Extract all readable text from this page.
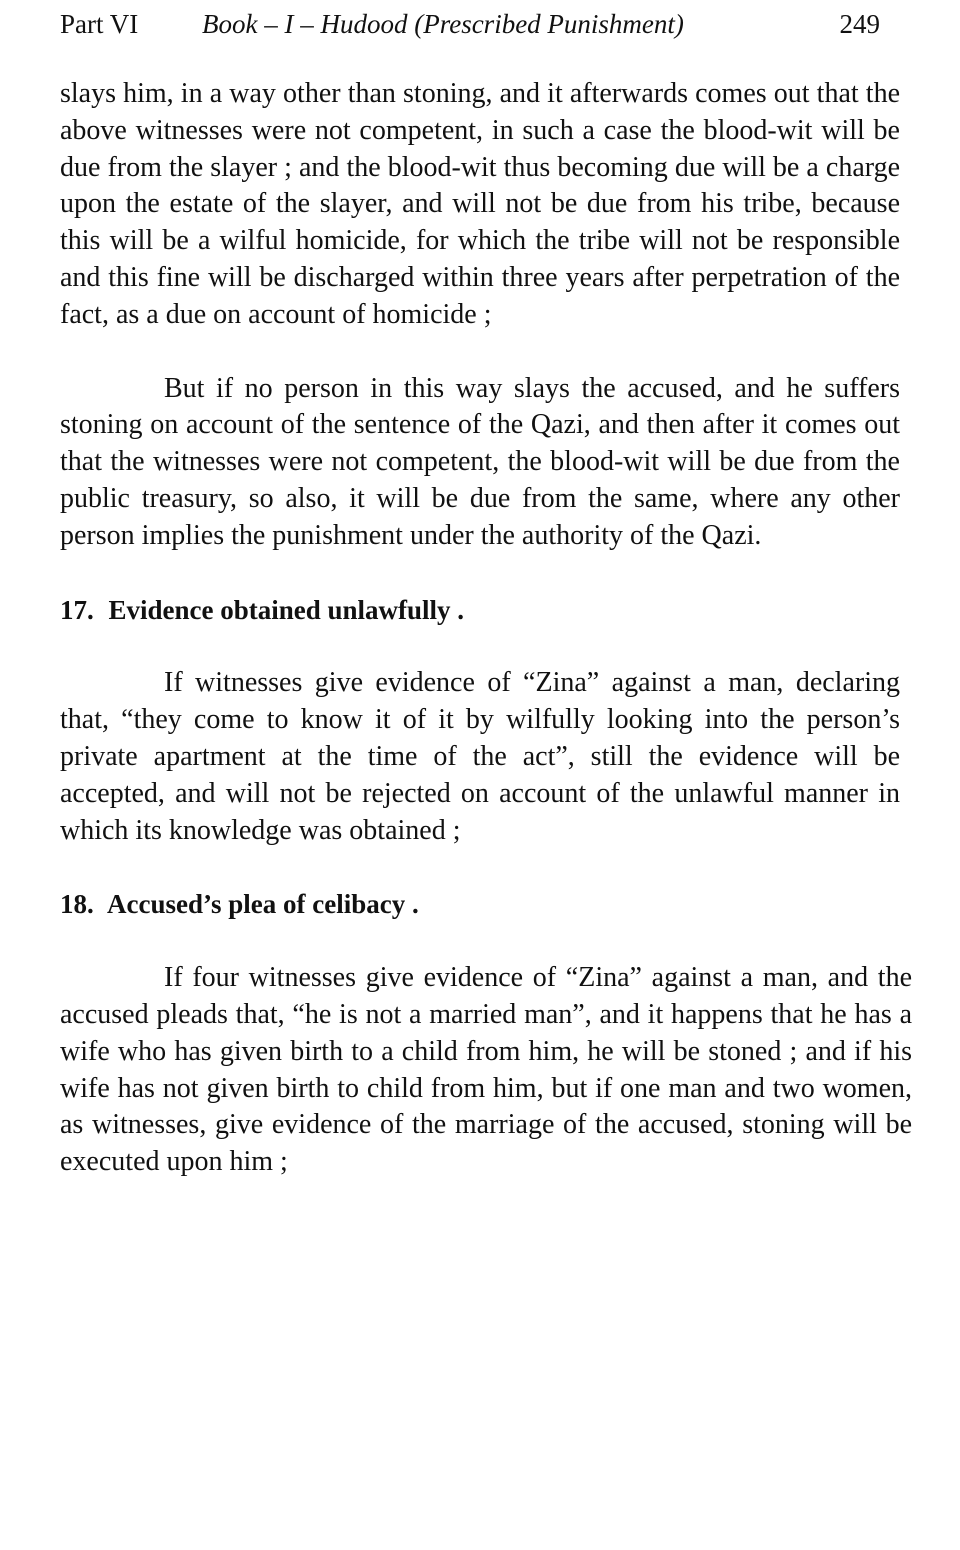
Part VI Book – I – Hudood (Prescribed Punishment)	249

slays him, in a way other than stoning, and it afterwards comes out that the above witnesses were not competent, in such a case the blood-wit will be due from the slayer ; and the blood-wit thus becoming due will be a charge upon the estate of the slayer, and will not be due from his tribe, because this will be a wilful homicide, for which the tribe will not be responsible and this fine will be discharged within three years after perpetration of the fact, as a due on account of homicide ;

But if no person in this way slays the accused, and he suffers stoning on account of the sentence of the Qazi, and then after it comes out that the witnesses were not competent, the blood-wit will be due from the public treasury, so also, it will be due from the same, where any other person implies the punishment under the authority of the Qazi.

17. Evidence obtained unlawfully .

If witnesses give evidence of “Zina” against a man, declaring that, “they come to know it of it by wilfully looking into the person’s private apartment at the time of the act”, still the evidence will be accepted, and will not be rejected on account of the unlawful manner in which its knowledge was obtained ;

18. Accused’s plea of celibacy .

If four witnesses give evidence of “Zina” against a man, and the accused pleads that, “he is not a married man”, and it happens that he has a wife who has given birth to a child from him, he will be stoned ; and if his wife has not given birth to child from him, but if one man and two women, as witnesses, give evidence of the marriage of the accused, stoning will be executed upon him ;
